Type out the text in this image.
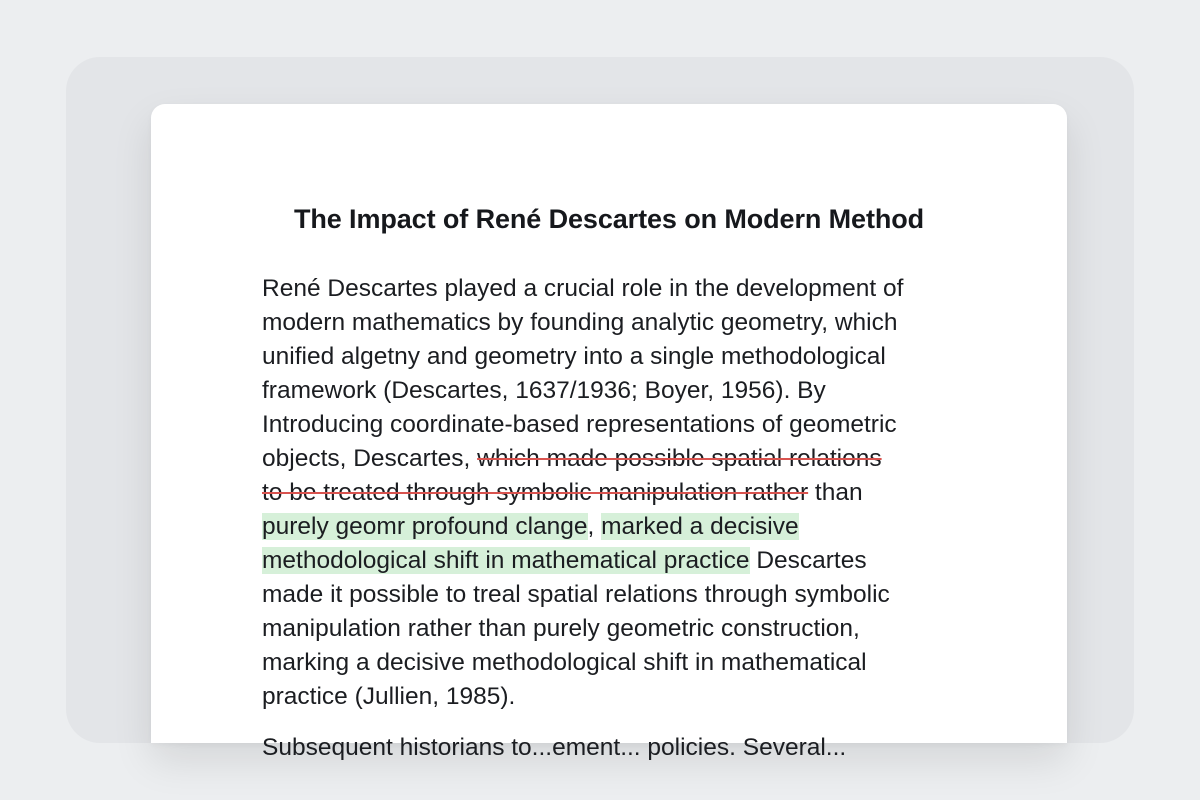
The Impact of René Descartes on Modern Method
René Descartes played a crucial role in the development of
modern mathematics by founding analytic geometry, which
unified algetny and geometry into a single methodological
framework (Descartes, 1637/1936; Boyer, 1956). By
Introducing coordinate-based representations of geometric
objects, Descartes, which made possible spatial relations
to be treated through symbolic manipulation rather than
purely geomr profound clange, marked a decisive
methodological shift in mathematical practice Descartes
made it possible to treal spatial relations through symbolic
manipulation rather than purely geometric construction,
marking a decisive methodological shift in mathematical
practice (Jullien, 1985).
Subsequent historians to...ement... policies. Several...
